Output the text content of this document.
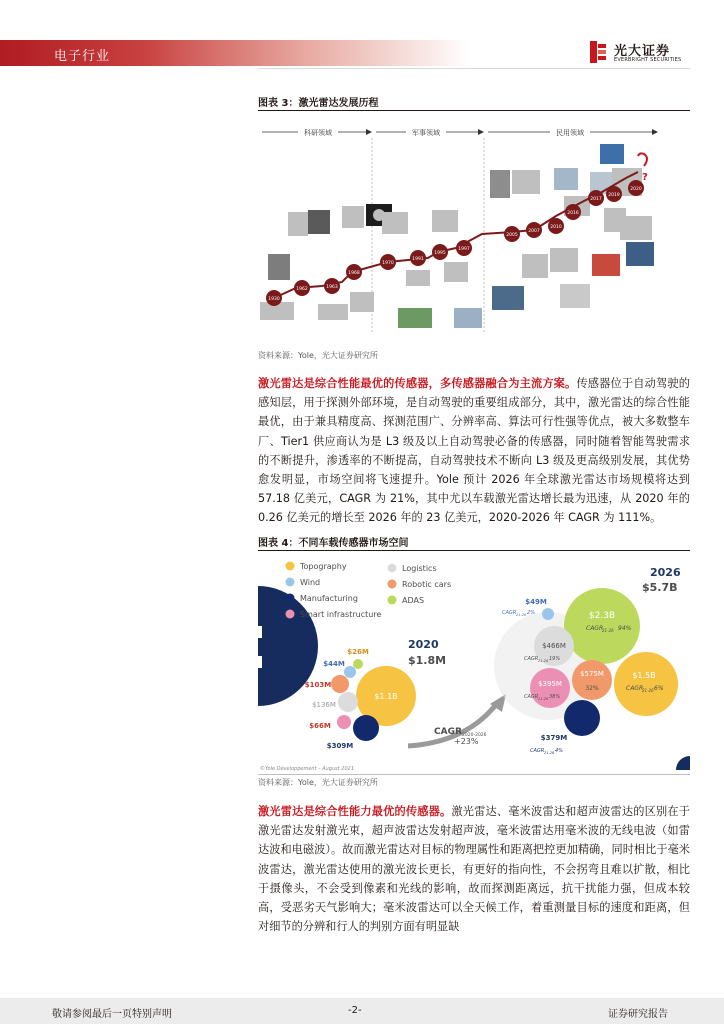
电子行业	光大证券
EVERBRIGHT SECURITIES
图表 3：激光雷达发展历程
科研领域	军事领域	民用领域
?
1930
1962	1963
1968
1970
1991
1995
1997
2005
2007
2010
2016
2017
2019
2020
资料来源：Yole，光大证券研究所
激光雷达是综合性能最优的传感器，多传感器融合为主流方案。传感器位于自动驾驶的感知层，用于探测外部环境，是自动驾驶的重要组成部分，其中，激光雷达的综合性能最优，由于兼具精度高、探测范围广、分辨率高、算法可行性强等优点，被大多数整车厂、Tier1 供应商认为是 L3 级及以上自动驾驶必备的传感器，同时随着智能驾驶需求的不断提升，渗透率的不断提高，自动驾驶技术不断向 L3 级及更高级别发展，其优势愈发明显，市场空间将飞速提升。Yole 预计 2026 年全球激光雷达市场规模将达到 57.18 亿美元，CAGR 为 21%，其中尤以车载激光雷达增长最为迅速，从 2020 年的 0.26 亿美元的增长至 2026 年的 23 亿美元，2020-2026 年 CAGR 为 111%。
图表 4：不同车载传感器市场空间
Topography	Logistics
Wind	Robotic cars
Manufacturing	ADAS
Smart infrastructure
2020
$1.8M
$1.1B
$26M
$44M
$103M
$136M
$66M
$309M
CAGR 2020-2026
+23%
2026
$5.7B
$2.3B
CAGR
21-26 94%
$466M
CAGR 21-26 19%
$575M
32%
$1.5B
CAGR
21-26 6%
$395M
CAGR 21-26 38%
$379M
CAGR 21-26 4%
$49M
CAGR 21-26 2%
©Yole Développement – August 2021
资料来源：Yole，光大证券研究所
激光雷达是综合性能力最优的传感器。激光雷达、毫米波雷达和超声波雷达的区别在于激光雷达发射激光束，超声波雷达发射超声波，毫米波雷达用毫米波的无线电波（如雷达波和电磁波）。故而激光雷达对目标的物理属性和距离把控更加精确，同时相比于毫米波雷达，激光雷达使用的激光波长更长，有更好的指向性，不会拐弯且难以扩散，相比于摄像头，不会受到像素和光线的影响，故而探测距离远，抗干扰能力强，但成本较高，受恶劣天气影响大；毫米波雷达可以全天候工作，着重测量目标的速度和距离，但对细节的分辨和行人的判别方面有明显缺
敬请参阅最后一页特别声明	-2-	证券研究报告
